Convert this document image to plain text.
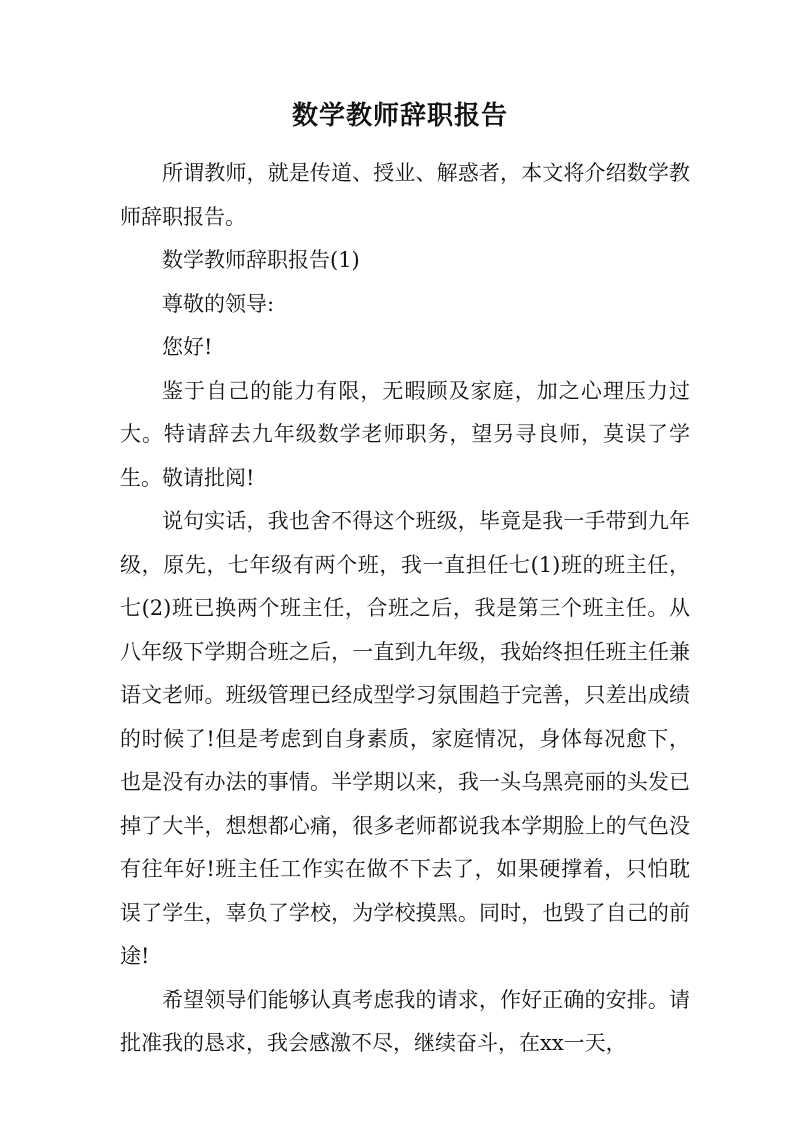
数学教师辞职报告

所谓教师，就是传道、授业、解惑者，本文将介绍数学教师辞职报告。

数学教师辞职报告(1)

尊敬的领导:

您好!

鉴于自己的能力有限，无暇顾及家庭，加之心理压力过大。特请辞去九年级数学老师职务，望另寻良师，莫误了学生。敬请批阅!

说句实话，我也舍不得这个班级，毕竟是我一手带到九年级，原先，七年级有两个班，我一直担任七(1)班的班主任，七(2)班已换两个班主任，合班之后，我是第三个班主任。从八年级下学期合班之后，一直到九年级，我始终担任班主任兼语文老师。班级管理已经成型学习氛围趋于完善，只差出成绩的时候了!但是考虑到自身素质，家庭情况，身体每况愈下，也是没有办法的事情。半学期以来，我一头乌黑亮丽的头发已掉了大半，想想都心痛，很多老师都说我本学期脸上的气色没有往年好!班主任工作实在做不下去了，如果硬撑着，只怕耽误了学生，辜负了学校，为学校摸黑。同时，也毁了自己的前途!

希望领导们能够认真考虑我的请求，作好正确的安排。请批准我的恳求，我会感激不尽，继续奋斗，在xx一天，
